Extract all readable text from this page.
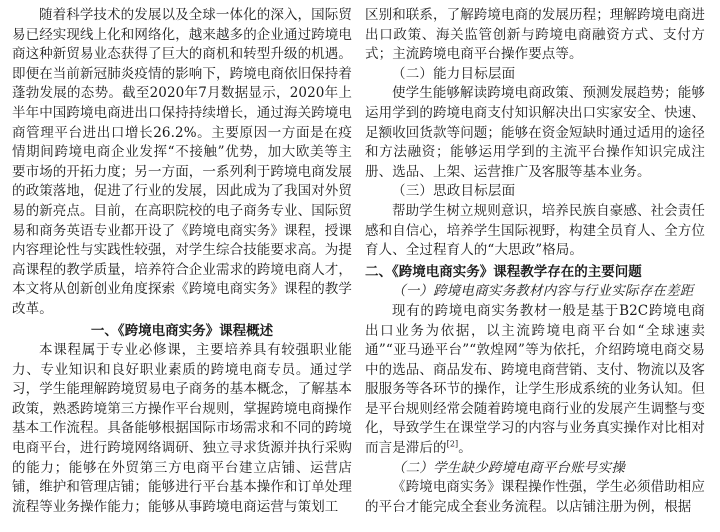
随着科学技术的发展以及全球一体化的深入，国际贸易已经实现线上化和网络化，越来越多的企业通过跨境电商这种新贸易业态获得了巨大的商机和转型升级的机遇。即便在当前新冠肺炎疫情的影响下，跨境电商依旧保持着蓬勃发展的态势。截至2020年7月数据显示，2020年上半年中国跨境电商进出口保持持续增长，通过海关跨境电商管理平台进出口增长26.2%。主要原因一方面是在疫情期间跨境电商企业发挥“不接触”优势，加大欧美等主要市场的开拓力度；另一方面，一系列利于跨境电商发展的政策落地，促进了行业的发展，因此成为了我国对外贸易的新亮点。目前，在高职院校的电子商务专业、国际贸易和商务英语专业都开设了《跨境电商实务》课程，授课内容理论性与实践性较强，对学生综合技能要求高。为提高课程的教学质量，培养符合企业需求的跨境电商人才，本文将从创新创业角度探索《跨境电商实务》课程的教学改革。

一、《跨境电商实务》课程概述

本课程属于专业必修课，主要培养具有较强职业能力、专业知识和良好职业素质的跨境电商专员。通过学习，学生能理解跨境贸易电子商务的基本概念，了解基本政策，熟悉跨境第三方操作平台规则，掌握跨境电商操作基本工作流程。具备能够根据国际市场需求和不同的跨境电商平台，进行跨境网络调研、独立寻求货源并执行采购的能力；能够在外贸第三方电商平台建立店铺、运营店铺，维护和管理店铺；能够进行平台基本操作和订单处理流程等业务操作能力；能够从事跨境电商运营与策划工

区别和联系，了解跨境电商的发展历程；理解跨境电商进出口政策、海关监管创新与跨境电商融资方式、支付方式；主流跨境电商平台操作要点等。

（二）能力目标层面

使学生能够解读跨境电商政策、预测发展趋势；能够运用学到的跨境电商支付知识解决出口实家安全、快速、足额收回货款等问题；能够在资金短缺时通过适用的途径和方法融资；能够运用学到的主流平台操作知识完成注册、选品、上架、运营推广及客服等基本业务。

（三）思政目标层面

帮助学生树立规则意识，培养民族自豪感、社会责任感和自信心，培养学生国际视野，构建全员育人、全方位育人、全过程育人的“大思政”格局。

二、《跨境电商实务》课程教学存在的主要问题
（一）跨境电商实务教材内容与行业实际存在差距

现有的跨境电商实务教材一般是基于B2C跨境电商出口业务为依据，以主流跨境电商平台如“全球速卖通”“亚马逊平台”“敦煌网”等为依托，介绍跨境电商交易中的选品、商品发布、跨境电商营销、支付、物流以及客服服务等各环节的操作，让学生形成系统的业务认知。但是平台规则经常会随着跨境电商行业的发展产生调整与变化，导致学生在课堂学习的内容与业务真实操作对比相对而言是滞后的[2]。

（二）学生缺少跨境电商平台账号实操

《跨境电商实务》课程操作性强，学生必须借助相应的平台才能完成全套业务流程。以店铺注册为例，根据
